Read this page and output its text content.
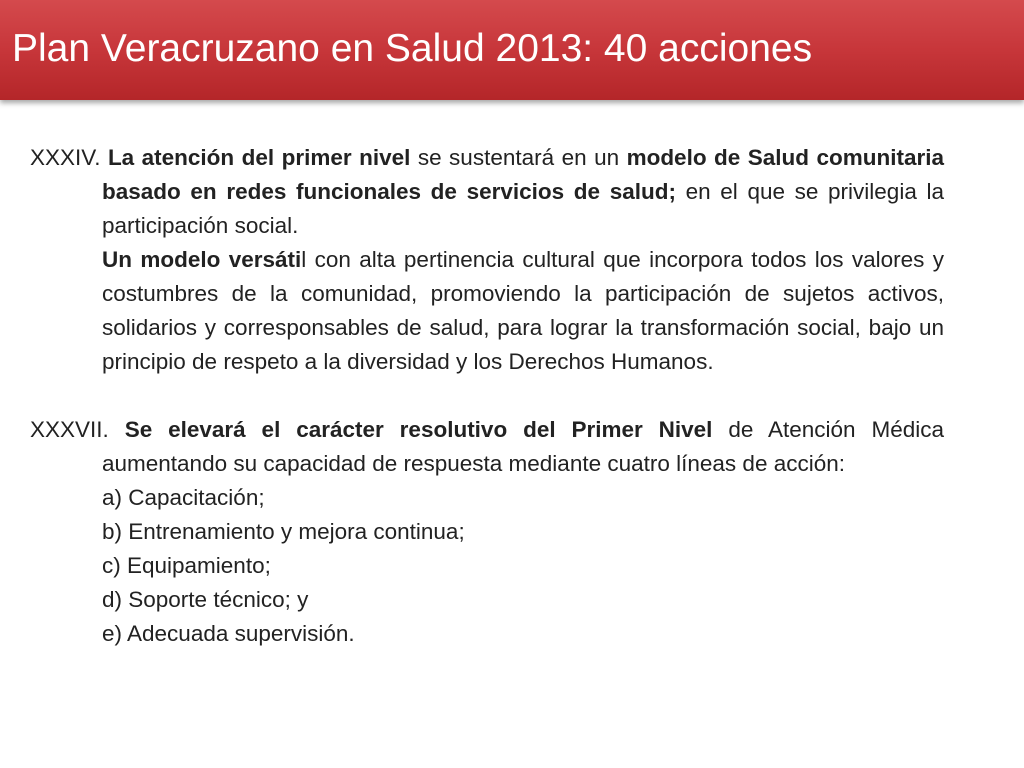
Plan Veracruzano en Salud 2013: 40 acciones

XXXIV. La atención del primer nivel se sustentará en un modelo de Salud comunitaria basado en redes funcionales de servicios de salud; en el que se privilegia la participación social.

Un modelo versátil con alta pertinencia cultural que incorpora todos los valores y costumbres de la comunidad, promoviendo la participación de sujetos activos, solidarios y corresponsables de salud, para lograr la transformación social, bajo un principio de respeto a la diversidad y los Derechos Humanos.

XXXVII. Se elevará el carácter resolutivo del Primer Nivel de Atención Médica aumentando su capacidad de respuesta mediante cuatro líneas de acción:

a) Capacitación;

b) Entrenamiento y mejora continua;

c) Equipamiento;

d) Soporte técnico; y

e) Adecuada supervisión.
